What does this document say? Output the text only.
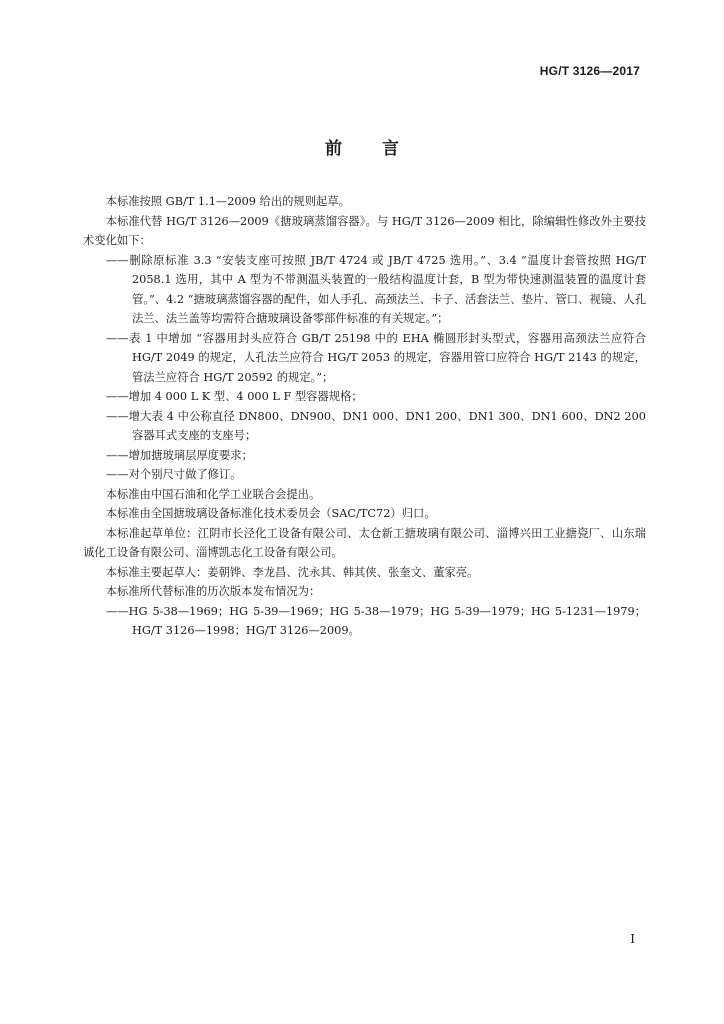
HG/T 3126—2017
前言

本标准按照 GB/T 1.1—2009 给出的规则起草。

本标准代替 HG/T 3126—2009《搪玻璃蒸馏容器》。与 HG/T 3126—2009 相比，除编辑性修改外主要技术变化如下：

——删除原标准 3.3 “安装支座可按照 JB/T 4724 或 JB/T 4725 选用。”、3.4 “温度计套管按照 HG/T 2058.1 选用，其中 A 型为不带测温头装置的一般结构温度计套，B 型为带快速测温装置的温度计套管。”、4.2 “搪玻璃蒸馏容器的配件，如人手孔、高颈法兰、卡子、活套法兰、垫片、管口、视镜、人孔法兰、法兰盖等均需符合搪玻璃设备零部件标准的有关规定。”；

——表 1 中增加 “容器用封头应符合 GB/T 25198 中的 EHA 椭圆形封头型式，容器用高颈法兰应符合 HG/T 2049 的规定，人孔法兰应符合 HG/T 2053 的规定，容器用管口应符合 HG/T 2143 的规定，管法兰应符合 HG/T 20592 的规定。”；

——增加 4 000 L K 型、4 000 L F 型容器规格；

——增大表 4 中公称直径 DN800、DN900、DN1 000、DN1 200、DN1 300、DN1 600、DN2 200 容器耳式支座的支座号；

——增加搪玻璃层厚度要求；

——对个别尺寸做了修订。

本标准由中国石油和化学工业联合会提出。

本标准由全国搪玻璃设备标准化技术委员会（SAC/TC72）归口。

本标准起草单位：江阴市长泾化工设备有限公司、太仓新工搪玻璃有限公司、淄博兴田工业搪瓷厂、山东瑞诚化工设备有限公司、淄博凯志化工设备有限公司。

本标准主要起草人：姜朝铧、李龙昌、沈永其、韩其侠、张奎文、董家亮。

本标准所代替标准的历次版本发布情况为：

——HG 5-38—1969；HG 5-39—1969；HG 5-38—1979；HG 5-39—1979；HG 5-1231—1979；HG/T 3126—1998；HG/T 3126—2009。

I
